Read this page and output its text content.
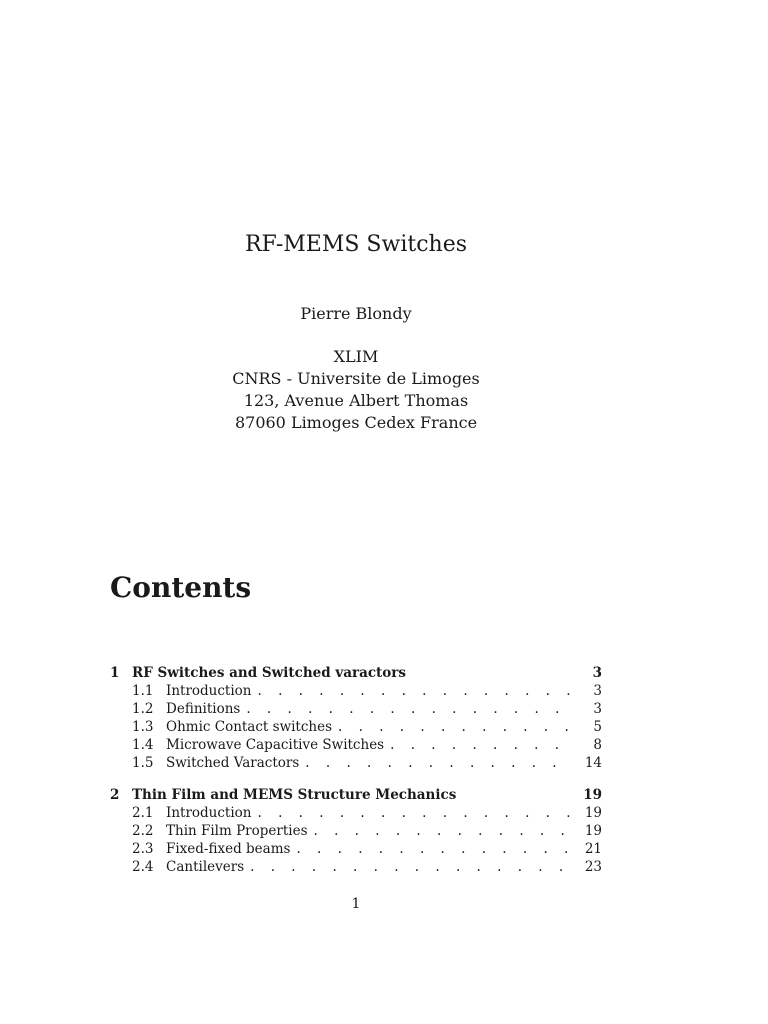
RF-MEMS Switches
Pierre Blondy
XLIM
CNRS - Universite de Limoges
123, Avenue Albert Thomas
87060 Limoges Cedex France
Contents
1 RF Switches and Switched varactors	3
1.1 Introduction . . .	3
1.2 Definitions . . .	3
1.3 Ohmic Contact switches . . .	5
1.4 Microwave Capacitive Switches . . .	8
1.5 Switched Varactors . . .	14
2 Thin Film and MEMS Structure Mechanics	19
2.1 Introduction . . .	19
2.2 Thin Film Properties . . .	19
2.3 Fixed-fixed beams . . .	21
2.4 Cantilevers . . .	23
1
